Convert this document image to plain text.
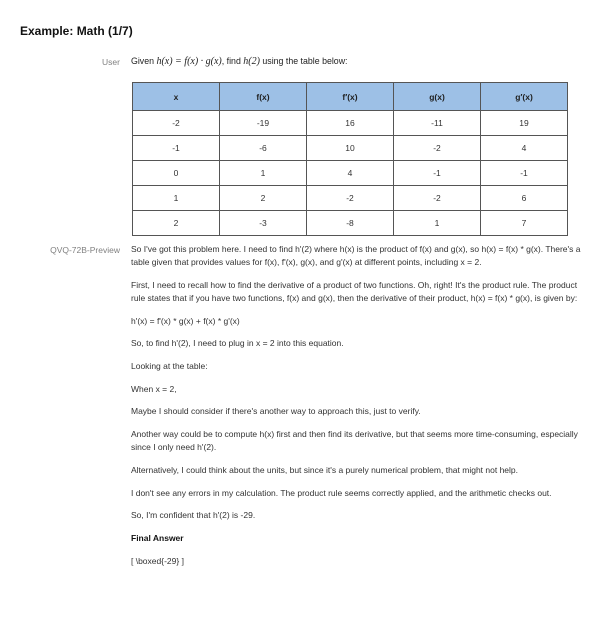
Example: Math (1/7)
User Given h(x) = f(x) · g(x), find h(2) using the table below:
x	f(x)	f′(x)	g(x)	g′(x)
-2	-19	16	-11	19
-1	-6	10	-2	4
0	1	4	-1	-1
1	2	-2	-2	6
2	-3	-8	1	7
QVQ-72B-Preview So I've got this problem here. I need to find h'(2) where h(x) is the product of f(x) and g(x), so h(x) = f(x) * g(x). There's a table given that provides values for f(x), f'(x), g(x), and g'(x) at different points, including x = 2.

First, I need to recall how to find the derivative of a product of two functions. Oh, right! It's the product rule. The product rule states that if you have two functions, f(x) and g(x), then the derivative of their product, h(x) = f(x) * g(x), is given by:

h'(x) = f'(x) * g(x) + f(x) * g'(x)

So, to find h'(2), I need to plug in x = 2 into this equation.

Looking at the table:

When x = 2,

Maybe I should consider if there's another way to approach this, just to verify.

Another way could be to compute h(x) first and then find its derivative, but that seems more time-consuming, especially since I only need h'(2).

Alternatively, I could think about the units, but since it's a purely numerical problem, that might not help.

I don't see any errors in my calculation. The product rule seems correctly applied, and the arithmetic checks out.

So, I'm confident that h'(2) is -29.

Final Answer

[ \boxed{-29} ]
